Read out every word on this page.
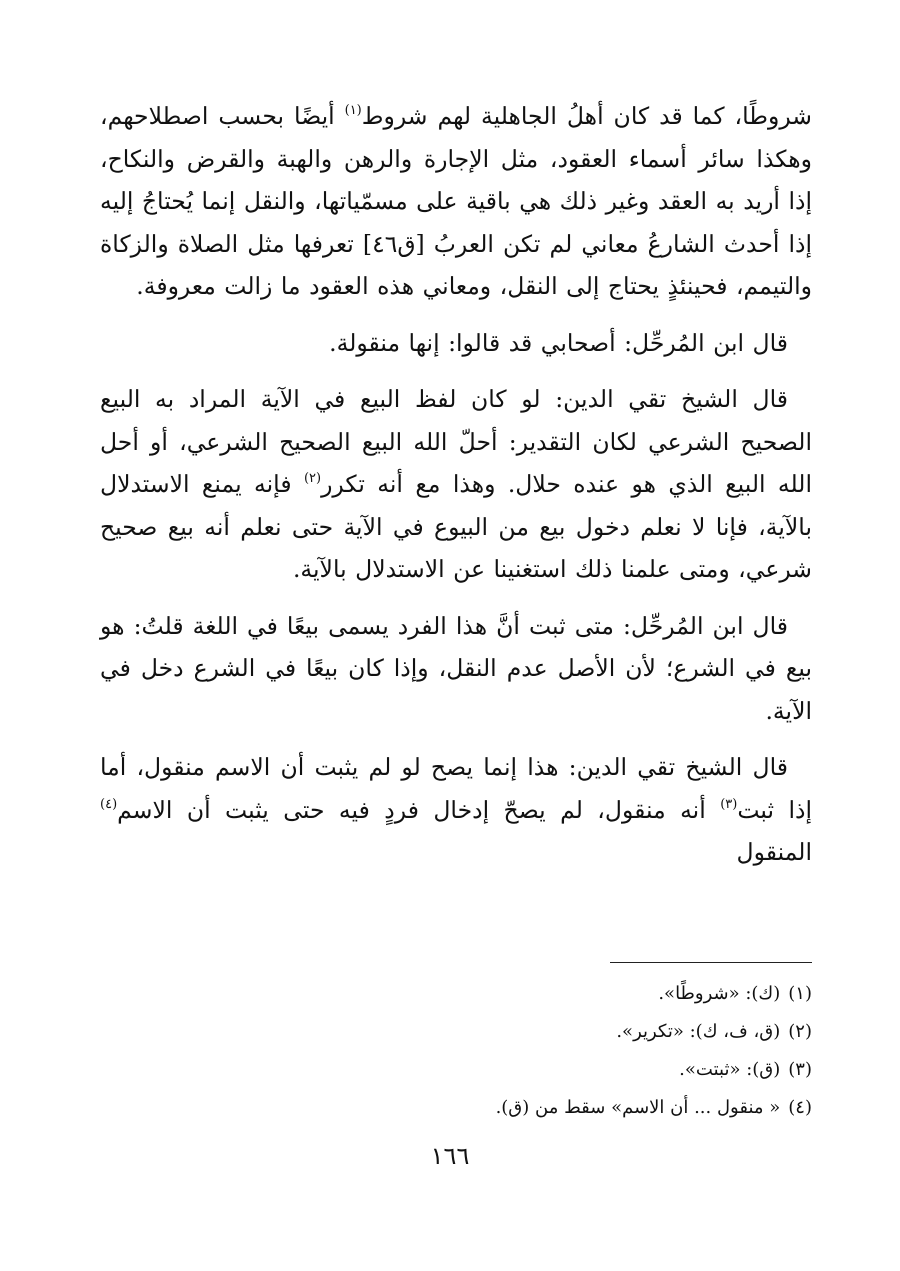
شروطًا، كما قد كان أهلُ الجاهلية لهم شروط$^{(١)}$ أيضًا بحسب اصطلاحهم، وهكذا سائر أسماء العقود، مثل الإجارة والرهن والهبة والقرض والنكاح، إذا أريد به العقد وغير ذلك هي باقية على مسمّياتها، والنقل إنما يُحتاجُ إليه إذا أحدث الشارعُ معاني لم تكن العربُ [ق٤٦] تعرفها مثل الصلاة والزكاة والتيمم، فحينئذٍ يحتاج إلى النقل، ومعاني هذه العقود ما زالت معروفة.

قال ابن المُرحِّل: أصحابي قد قالوا: إنها منقولة.

قال الشيخ تقي الدين: لو كان لفظ البيع في الآية المراد به البيع الصحيح الشرعي لكان التقدير: أحلّ الله البيع الصحيح الشرعي، أو أحل الله البيع الذي هو عنده حلال. وهذا مع أنه تكرر$^{(٢)}$ فإنه يمنع الاستدلال بالآية، فإنا لا نعلم دخول بيع من البيوع في الآية حتى نعلم أنه بيع صحيح شرعي، ومتى علمنا ذلك استغنينا عن الاستدلال بالآية.

قال ابن المُرحِّل: متى ثبت أنَّ هذا الفرد يسمى بيعًا في اللغة قلتُ: هو بيع في الشرع؛ لأن الأصل عدم النقل، وإذا كان بيعًا في الشرع دخل في الآية.

قال الشيخ تقي الدين: هذا إنما يصح لو لم يثبت أن الاسم منقول، أما إذا ثبت$^{(٣)}$ أنه منقول، لم يصحّ إدخال فردٍ فيه حتى يثبت أن الاسم$^{(٤)}$ المنقول

(١)(ك): «شروطًا».
(٢)(ق، ف، ك): «تكرير».
(٣)(ق): «ثبتت».
(٤)« منقول ... أن الاسم» سقط من (ق).
١٦٦
